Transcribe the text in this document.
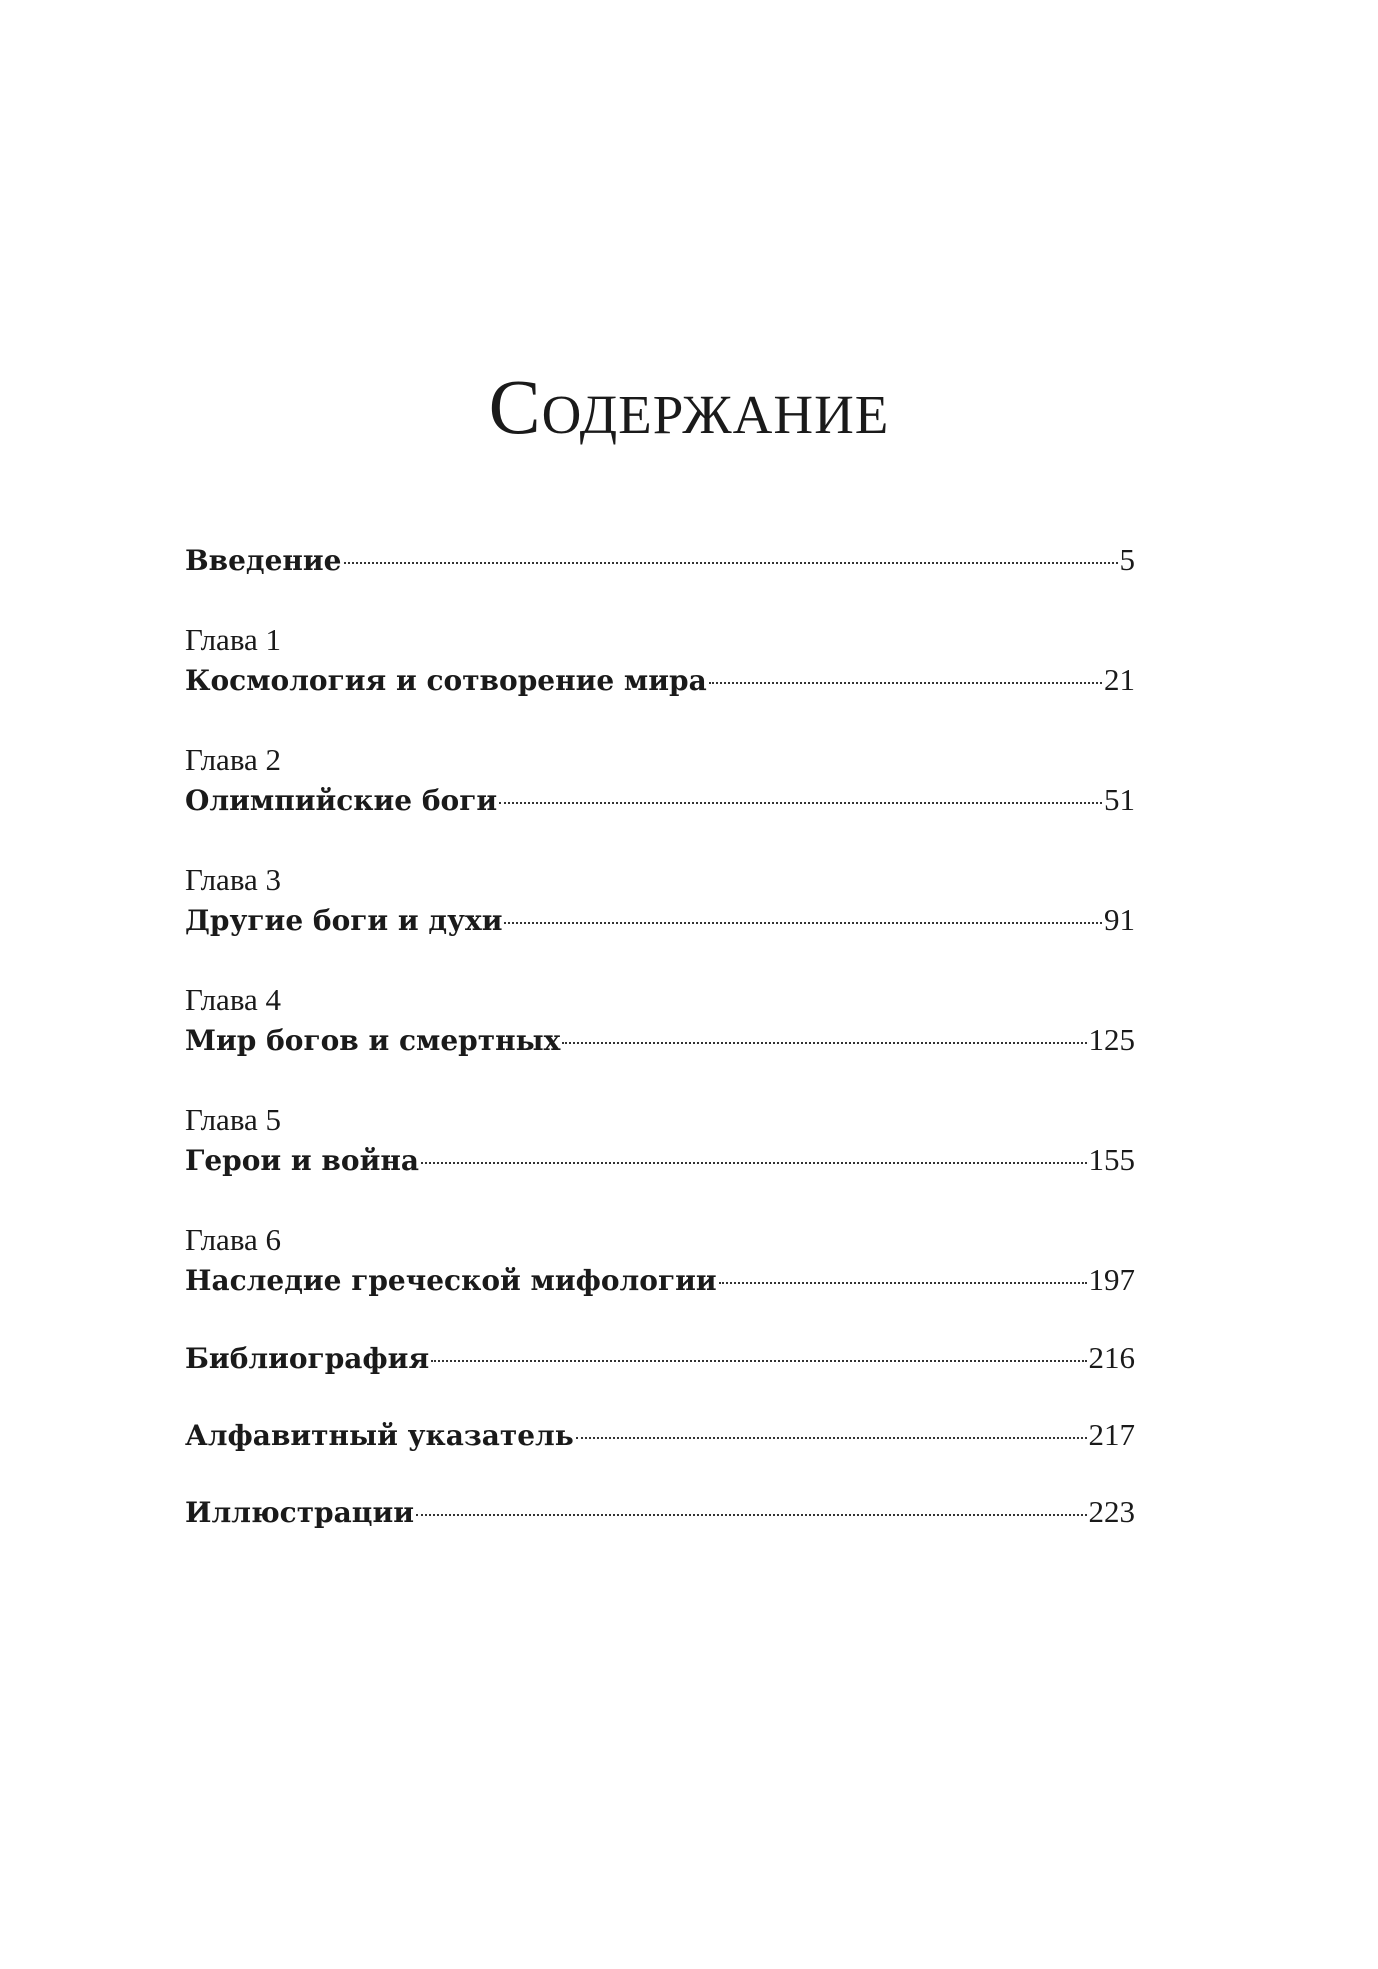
Содержание
Введение	5
Глава 1
Космология и сотворение мира	21
Глава 2
Олимпийские боги	51
Глава 3
Другие боги и духи	91
Глава 4
Мир богов и смертных	125
Глава 5
Герои и война	155
Глава 6
Наследие греческой мифологии	197
Библиография	216
Алфавитный указатель	217
Иллюстрации	223
